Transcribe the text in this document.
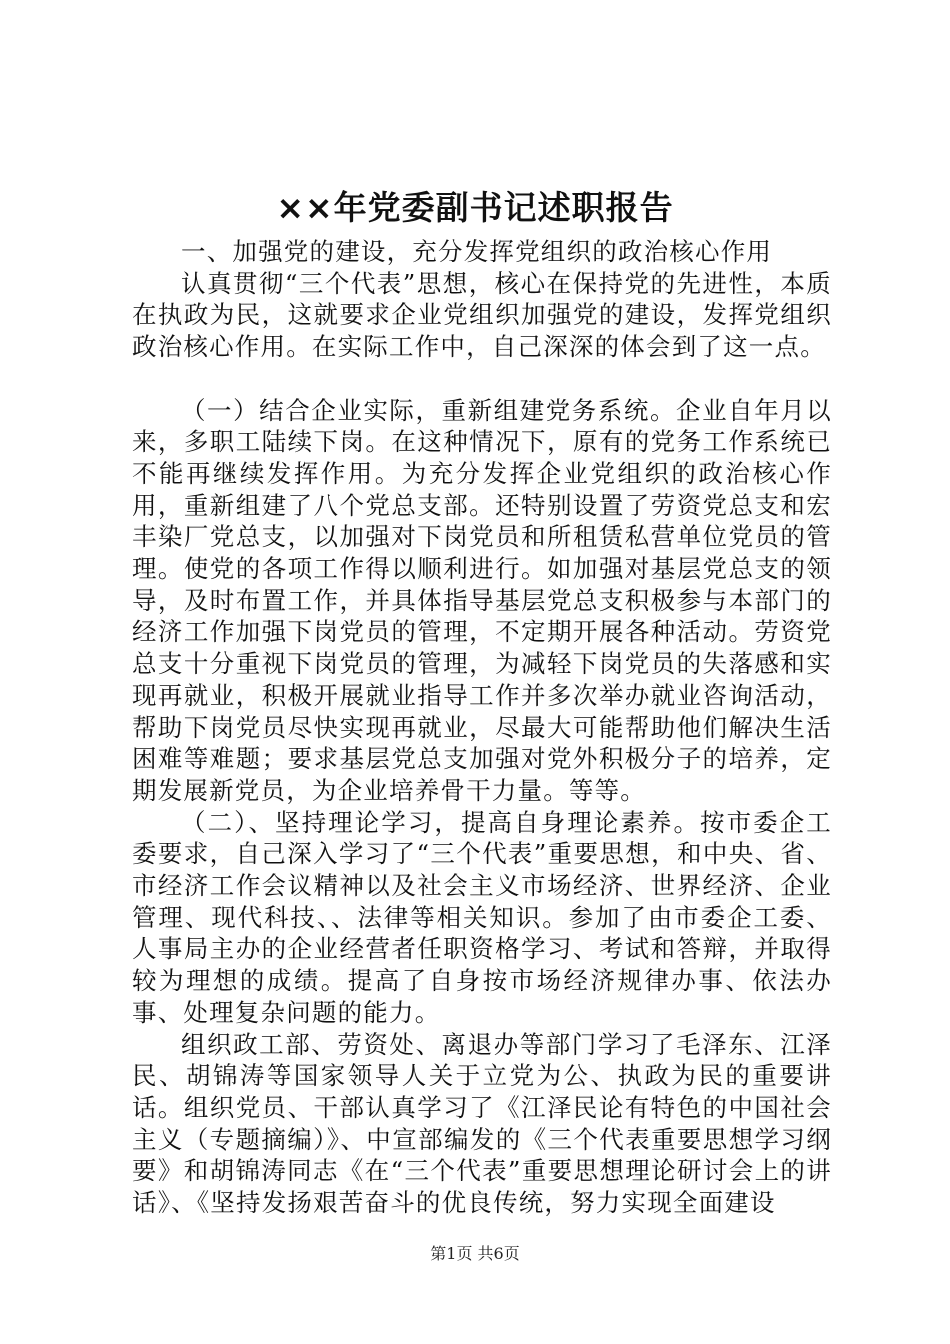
××年党委副书记述职报告

一、加强党的建设，充分发挥党组织的政治核心作用

认真贯彻“三个代表”思想，核心在保持党的先进性，本质在执政为民，这就要求企业党组织加强党的建设，发挥党组织政治核心作用。在实际工作中，自己深深的体会到了这一点。

（一）结合企业实际，重新组建党务系统。企业自年月以来，多职工陆续下岗。在这种情况下，原有的党务工作系统已不能再继续发挥作用。为充分发挥企业党组织的政治核心作用，重新组建了八个党总支部。还特别设置了劳资党总支和宏丰染厂党总支，以加强对下岗党员和所租赁私营单位党员的管理。使党的各项工作得以顺利进行。如加强对基层党总支的领导，及时布置工作，并具体指导基层党总支积极参与本部门的经济工作加强下岗党员的管理，不定期开展各种活动。劳资党总支十分重视下岗党员的管理，为减轻下岗党员的失落感和实现再就业，积极开展就业指导工作并多次举办就业咨询活动，帮助下岗党员尽快实现再就业，尽最大可能帮助他们解决生活困难等难题；要求基层党总支加强对党外积极分子的培养，定期发展新党员，为企业培养骨干力量。等等。

（二）、坚持理论学习，提高自身理论素养。按市委企工委要求，自己深入学习了“三个代表”重要思想，和中央、省、市经济工作会议精神以及社会主义市场经济、世界经济、企业管理、现代科技、、法律等相关知识。参加了由市委企工委、人事局主办的企业经营者任职资格学习、考试和答辩，并取得较为理想的成绩。提高了自身按市场经济规律办事、依法办事、处理复杂问题的能力。

组织政工部、劳资处、离退办等部门学习了毛泽东、江泽民、胡锦涛等国家领导人关于立党为公、执政为民的重要讲话。组织党员、干部认真学习了《江泽民论有特色的中国社会主义（专题摘编）》、中宣部编发的《三个代表重要思想学习纲要》和胡锦涛同志《在“三个代表”重要思想理论研讨会上的讲话》、《坚持发扬艰苦奋斗的优良传统，努力实现全面建设

第1页 共6页
